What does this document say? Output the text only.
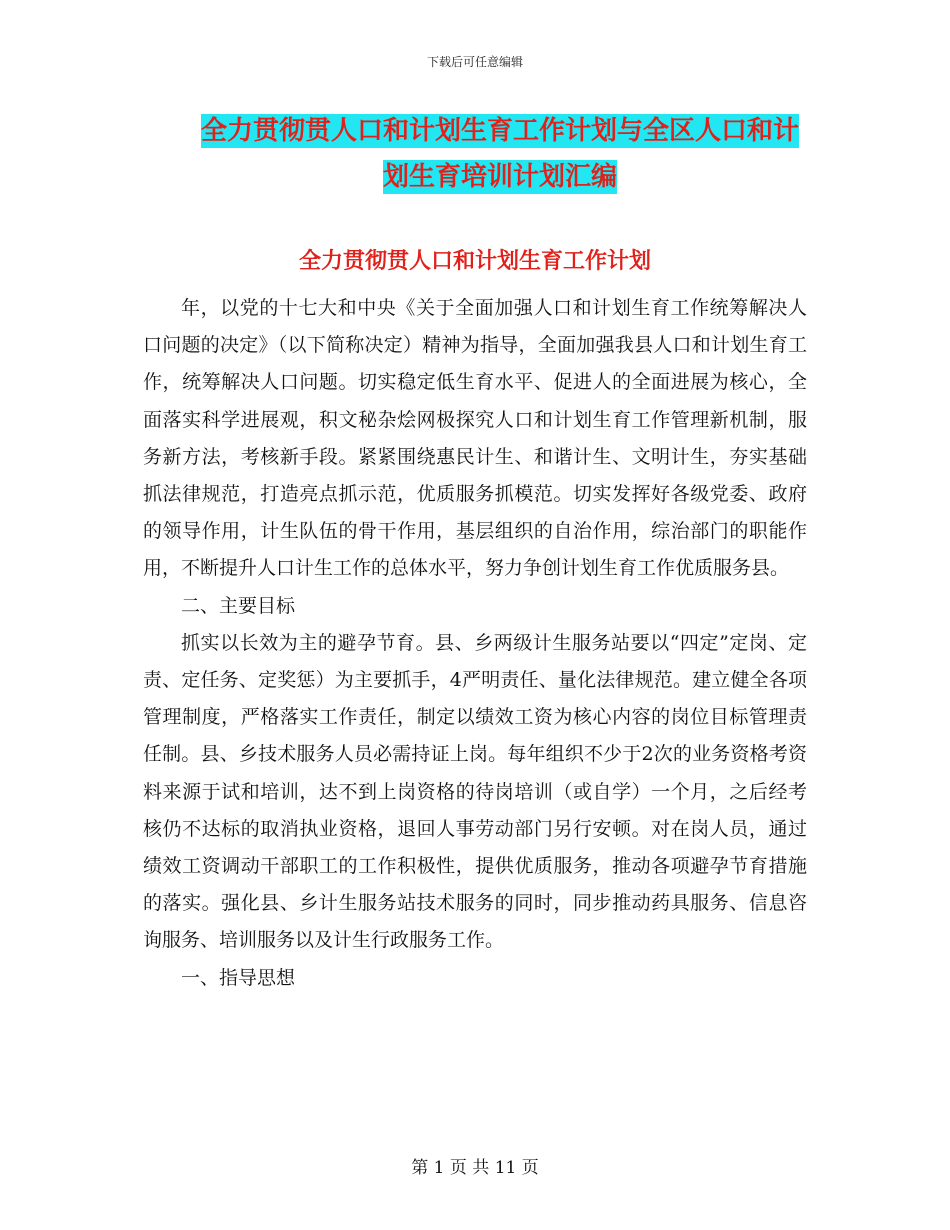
下载后可任意编辑
全力贯彻贯人口和计划生育工作计划与全区人口和计
划生育培训计划汇编
全力贯彻贯人口和计划生育工作计划

年，以党的十七大和中央《关于全面加强人口和计划生育工作统筹解决人口问题的决定》（以下简称决定）精神为指导，全面加强我县人口和计划生育工作，统筹解决人口问题。切实稳定低生育水平、促进人的全面进展为核心，全面落实科学进展观，积文秘杂烩网极探究人口和计划生育工作管理新机制，服务新方法，考核新手段。紧紧围绕惠民计生、和谐计生、文明计生，夯实基础抓法律规范，打造亮点抓示范，优质服务抓模范。切实发挥好各级党委、政府的领导作用，计生队伍的骨干作用，基层组织的自治作用，综治部门的职能作用，不断提升人口计生工作的总体水平，努力争创计划生育工作优质服务县。

二、主要目标

抓实以长效为主的避孕节育。县、乡两级计生服务站要以“四定”定岗、定责、定任务、定奖惩）为主要抓手，4严明责任、量化法律规范。建立健全各项管理制度，严格落实工作责任，制定以绩效工资为核心内容的岗位目标管理责任制。县、乡技术服务人员必需持证上岗。每年组织不少于2次的业务资格考资料来源于试和培训，达不到上岗资格的待岗培训（或自学）一个月，之后经考核仍不达标的取消执业资格，退回人事劳动部门另行安顿。对在岗人员，通过绩效工资调动干部职工的工作积极性，提供优质服务，推动各项避孕节育措施的落实。强化县、乡计生服务站技术服务的同时，同步推动药具服务、信息咨询服务、培训服务以及计生行政服务工作。

一、指导思想

第 1 页 共 11 页
